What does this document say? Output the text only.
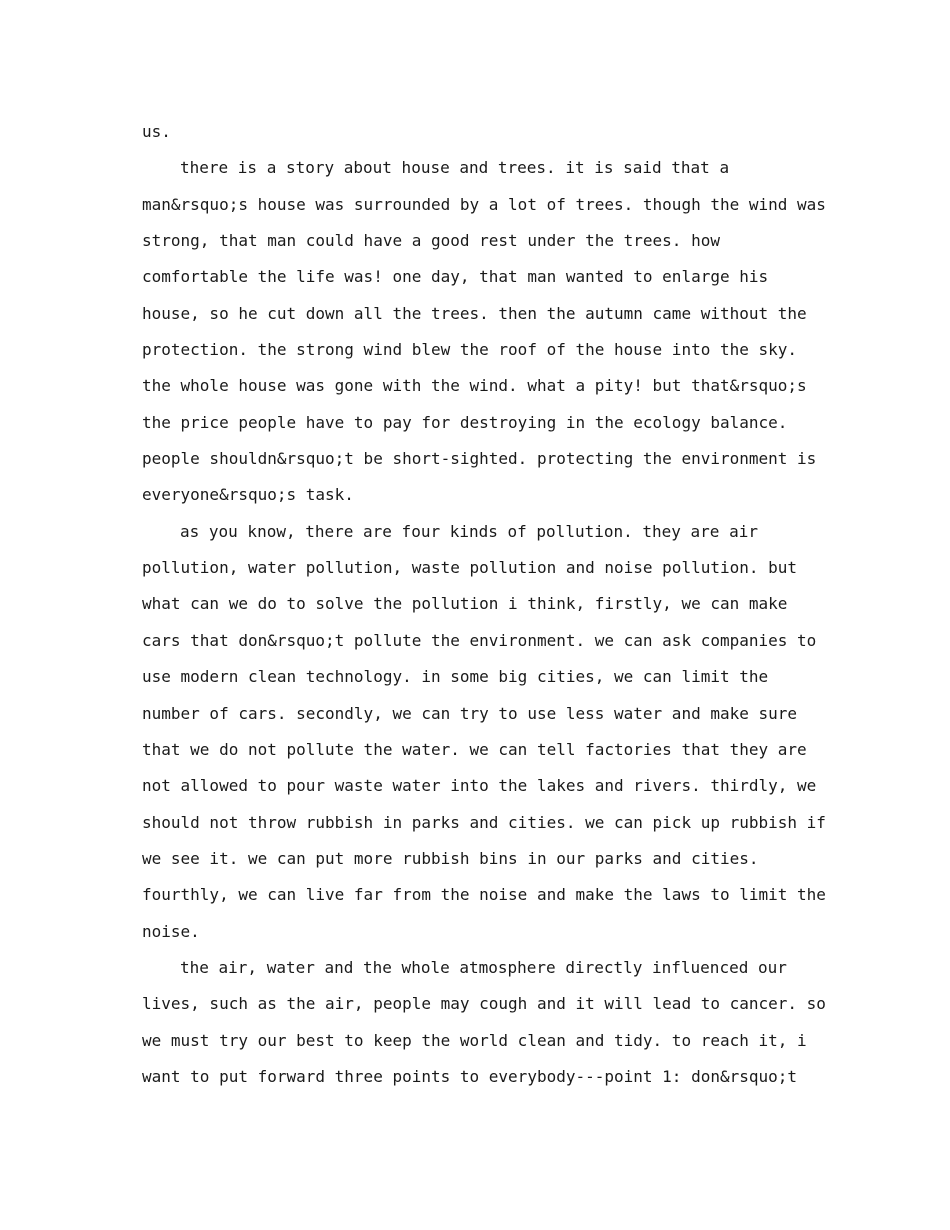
us.
there is a story about house and trees. it is said that a
man&rsquo;s house was surrounded by a lot of trees. though the wind was
strong, that man could have a good rest under the trees. how
comfortable the life was! one day, that man wanted to enlarge his
house, so he cut down all the trees. then the autumn came without the
protection. the strong wind blew the roof of the house into the sky.
the whole house was gone with the wind. what a pity! but that&rsquo;s
the price people have to pay for destroying in the ecology balance.
people shouldn&rsquo;t be short-sighted. protecting the environment is
everyone&rsquo;s task.
as you know, there are four kinds of pollution. they are air
pollution, water pollution, waste pollution and noise pollution. but
what can we do to solve the pollution i think, firstly, we can make
cars that don&rsquo;t pollute the environment. we can ask companies to
use modern clean technology. in some big cities, we can limit the
number of cars. secondly, we can try to use less water and make sure
that we do not pollute the water. we can tell factories that they are
not allowed to pour waste water into the lakes and rivers. thirdly, we
should not throw rubbish in parks and cities. we can pick up rubbish if
we see it. we can put more rubbish bins in our parks and cities.
fourthly, we can live far from the noise and make the laws to limit the
noise.
the air, water and the whole atmosphere directly influenced our
lives, such as the air, people may cough and it will lead to cancer. so
we must try our best to keep the world clean and tidy. to reach it, i
want to put forward three points to everybody---point 1: don&rsquo;t
